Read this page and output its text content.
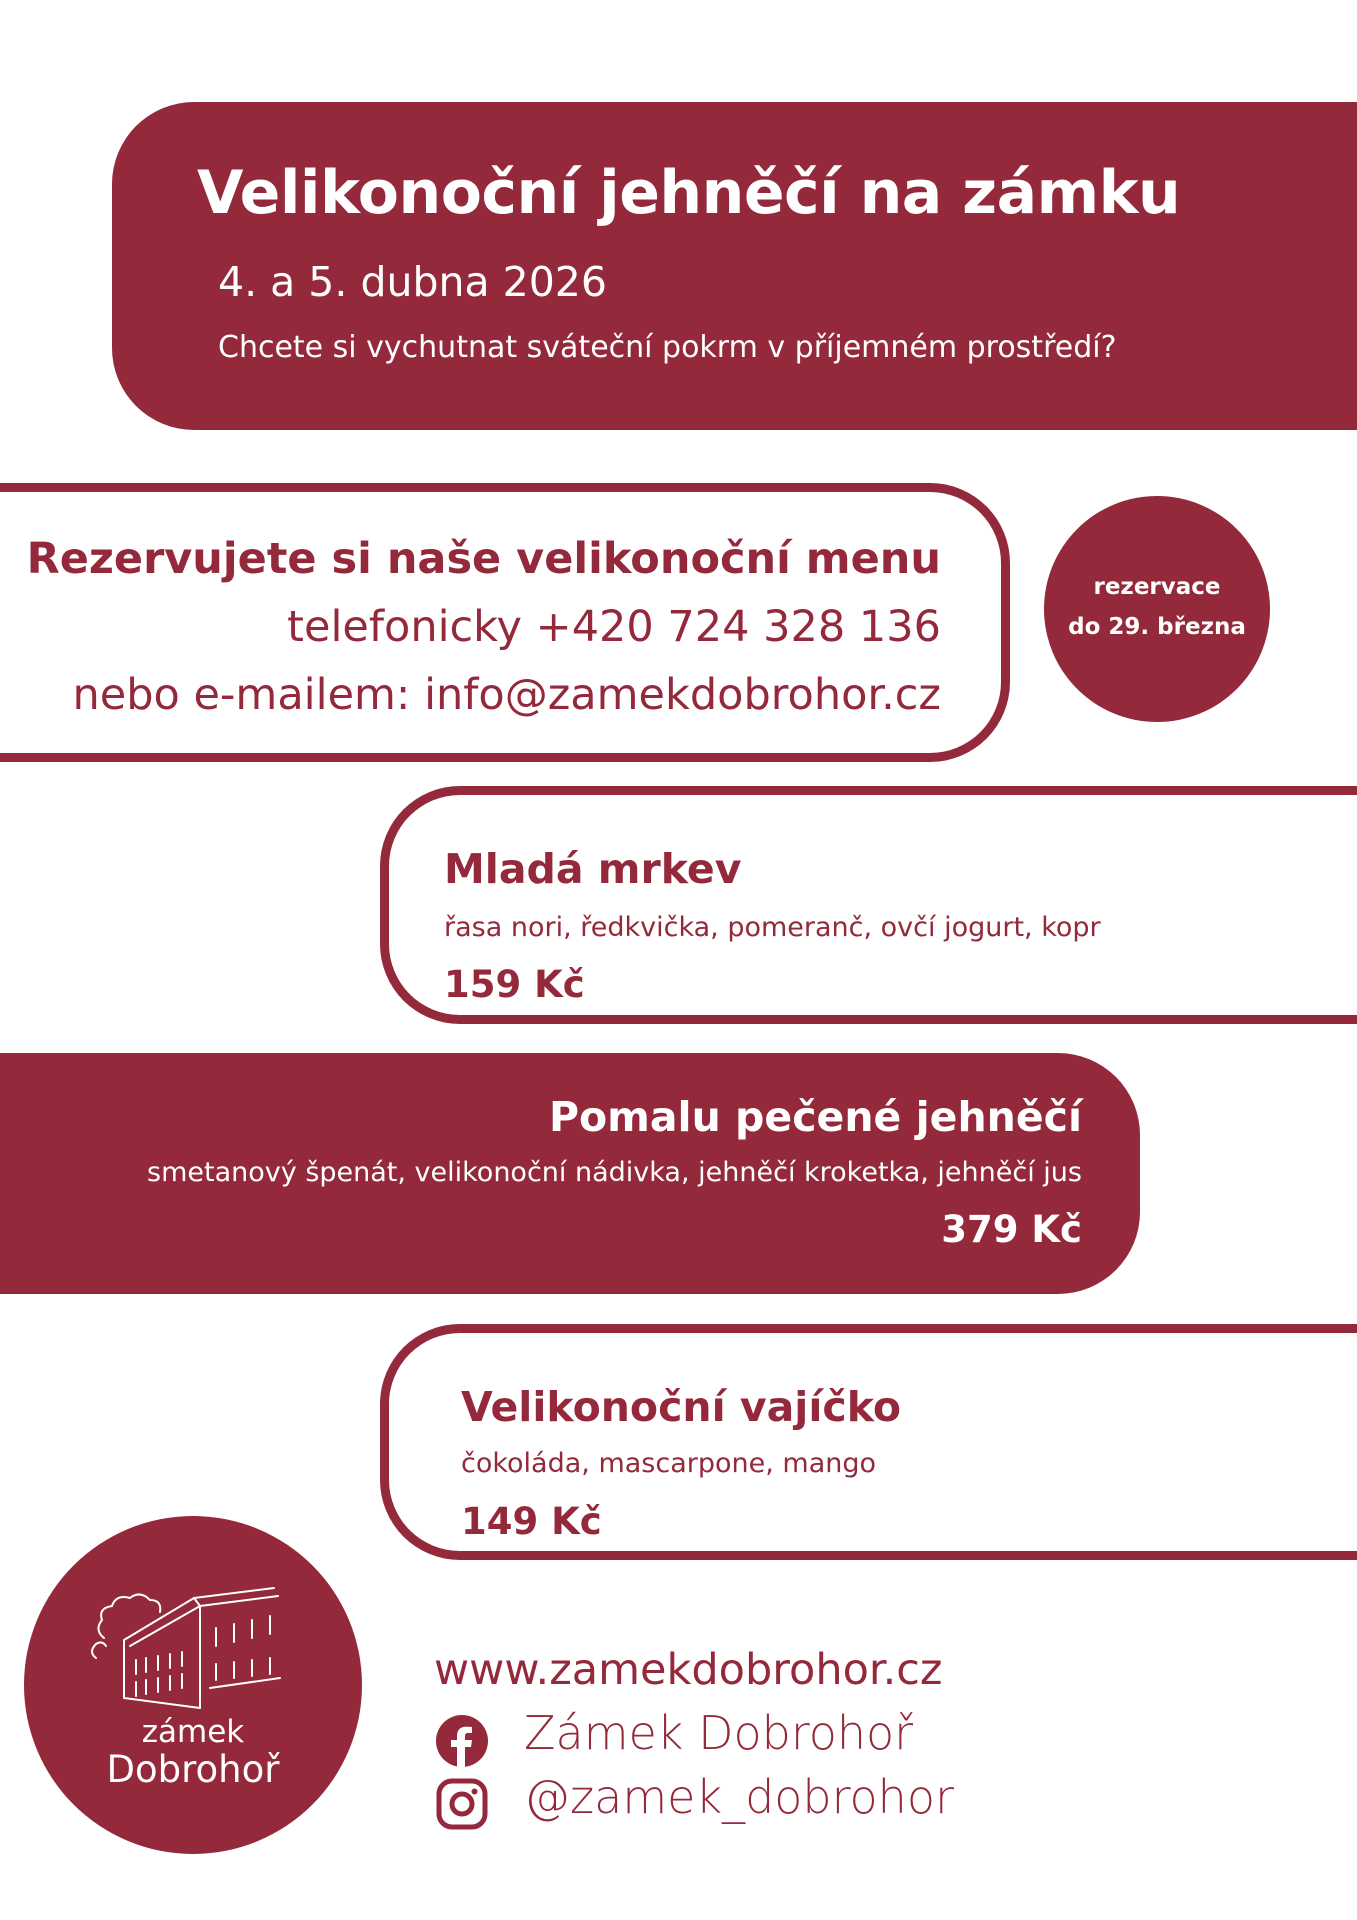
Velikonoční jehněčí na zámku
4. a 5. dubna 2026
Chcete si vychutnat sváteční pokrm v příjemném prostředí?
Rezervujete si naše velikonoční menu
telefonicky +420 724 328 136
nebo e-mailem: info@zamekdobrohor.cz
rezervace
do 29. března
Mladá mrkev
řasa nori, ředkvička, pomeranč, ovčí jogurt, kopr
159 Kč
Pomalu pečené jehněčí
smetanový špenát, velikonoční nádivka, jehněčí kroketka, jehněčí jus
379 Kč
Velikonoční vajíčko
čokoláda, mascarpone, mango
149 Kč
zámek
Dobrohoř
www.zamekdobrohor.cz
Zámek Dobrohoř
@zamek_dobrohor
